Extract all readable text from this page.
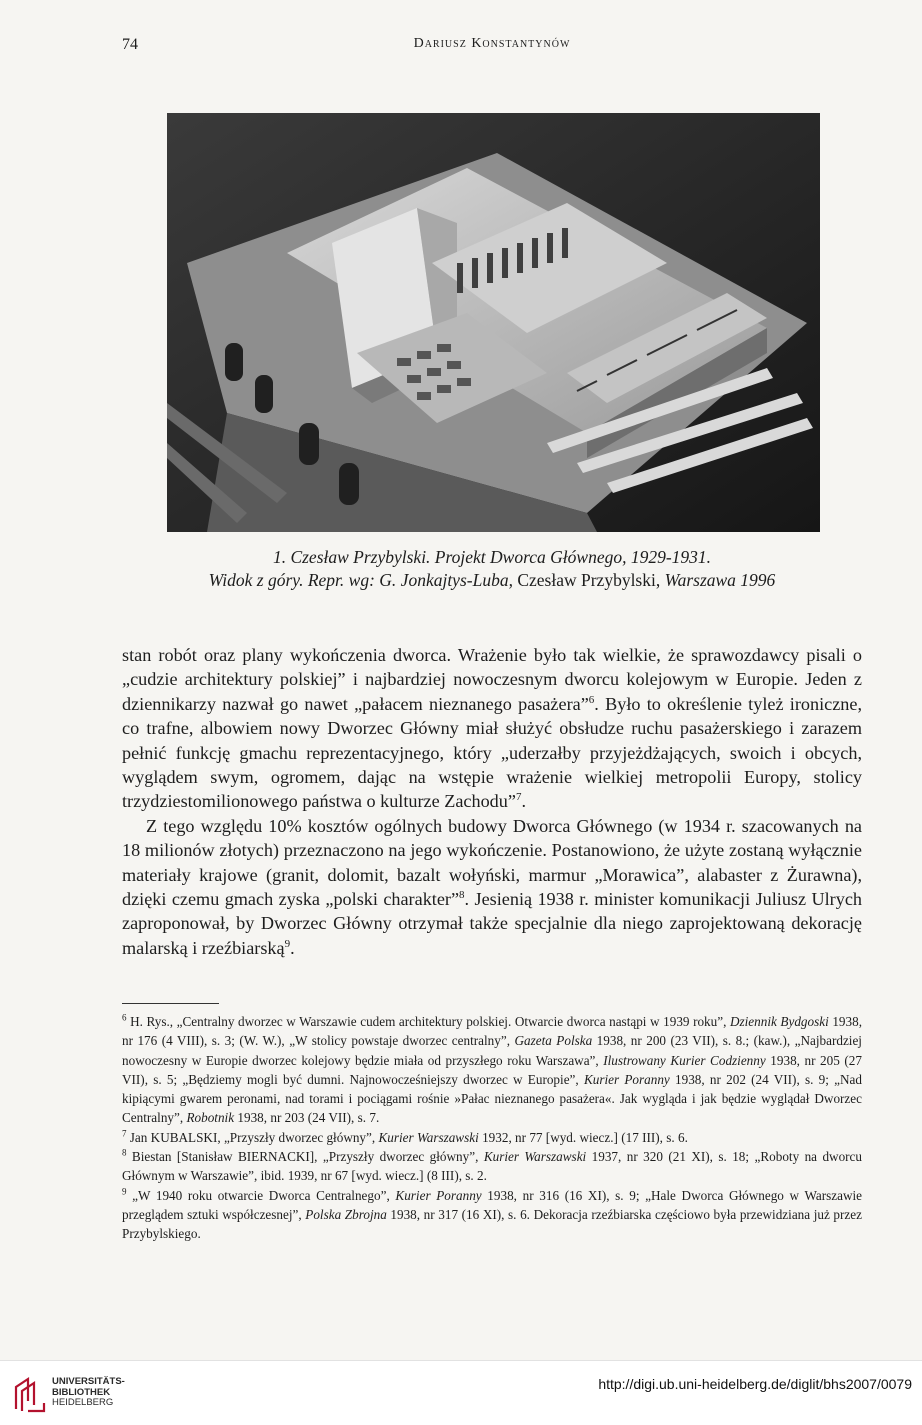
74	Dariusz Konstantynów
1. Czesław Przybylski. Projekt Dworca Głównego, 1929-1931.
Widok z góry. Repr. wg: G. Jonkajtys-Luba, Czesław Przybylski, Warszawa 1996

stan robót oraz plany wykończenia dworca. Wrażenie było tak wielkie, że sprawozdawcy pisali o „cudzie architektury polskiej” i najbardziej nowoczesnym dworcu kolejowym w Europie. Jeden z dziennikarzy nazwał go nawet „pałacem nieznanego pasażera”$^6$. Było to określenie tyleż ironiczne, co trafne, albowiem nowy Dworzec Główny miał służyć obsłudze ruchu pasażerskiego i zarazem pełnić funkcję gmachu reprezentacyjnego, który „uderzałby przyjeżdżających, swoich i obcych, wyglądem swym, ogromem, dając na wstępie wrażenie wielkiej metropolii Europy, stolicy trzydziestomilionowego państwa o kulturze Zachodu”$^7$.

Z tego względu 10% kosztów ogólnych budowy Dworca Głównego (w 1934 r. szacowanych na 18 milionów złotych) przeznaczono na jego wykończenie. Postanowiono, że użyte zostaną wyłącznie materiały krajowe (granit, dolomit, bazalt wołyński, marmur „Morawica”, alabaster z Żurawna), dzięki czemu gmach zyska „polski charakter”$^8$. Jesienią 1938 r. minister komunikacji Juliusz Ulrych zaproponował, by Dworzec Główny otrzymał także specjalnie dla niego zaprojektowaną dekorację malarską i rzeźbiarską$^9$.

$^6$ H. Rys., „Centralny dworzec w Warszawie cudem architektury polskiej. Otwarcie dworca nastąpi w 1939 roku”, Dziennik Bydgoski 1938, nr 176 (4 VIII), s. 3; (W. W.), „W stolicy powstaje dworzec centralny”, Gazeta Polska 1938, nr 200 (23 VII), s. 8.; (kaw.), „Najbardziej nowoczesny w Europie dworzec kolejowy będzie miała od przyszłego roku Warszawa”, Ilustrowany Kurier Codzienny 1938, nr 205 (27 VII), s. 5; „Będziemy mogli być dumni. Najnowocześniejszy dworzec w Europie”, Kurier Poranny 1938, nr 202 (24 VII), s. 9; „Nad kipiącymi gwarem peronami, nad torami i pociągami rośnie »Pałac nieznanego pasażera«. Jak wygląda i jak będzie wyglądał Dworzec Centralny”, Robotnik 1938, nr 203 (24 VII), s. 7.

$^7$ Jan KUBALSKI, „Przyszły dworzec główny”, Kurier Warszawski 1932, nr 77 [wyd. wiecz.] (17 III), s. 6.

$^8$ Biestan [Stanisław BIERNACKI], „Przyszły dworzec główny”, Kurier Warszawski 1937, nr 320 (21 XI), s. 18; „Roboty na dworcu Głównym w Warszawie”, ibid. 1939, nr 67 [wyd. wiecz.] (8 III), s. 2.

$^9$ „W 1940 roku otwarcie Dworca Centralnego”, Kurier Poranny 1938, nr 316 (16 XI), s. 9; „Hale Dworca Głównego w Warszawie przeglądem sztuki współczesnej”, Polska Zbrojna 1938, nr 317 (16 XI), s. 6. Dekoracja rzeźbiarska częściowo była przewidziana już przez Przybylskiego.

UNIVERSITÄTS-
BIBLIOTHEK
HEIDELBERG
http://digi.ub.uni-heidelberg.de/diglit/bhs2007/0079
